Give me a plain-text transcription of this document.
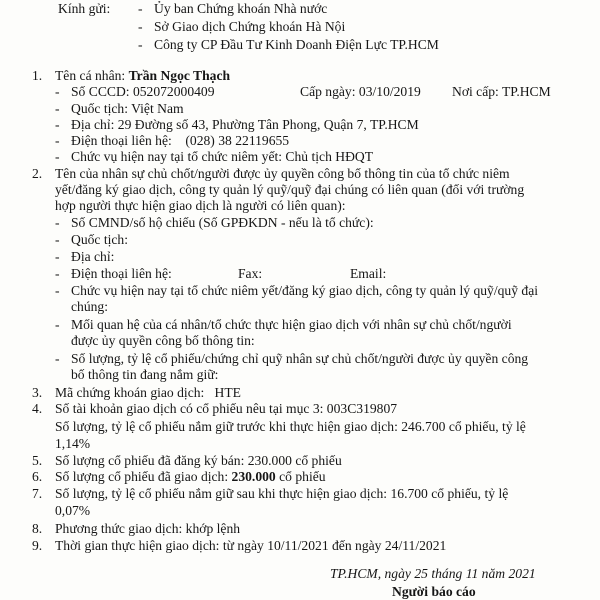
Kính gửi: - Ủy ban Chứng khoán Nhà nước
- Sở Giao dịch Chứng khoán Hà Nội
- Công ty CP Đầu Tư Kinh Doanh Điện Lực TP.HCM
1. Tên cá nhân: Trần Ngọc Thạch
- Số CCCD: 052072000409	Cấp ngày: 03/10/2019 Nơi cấp: TP.HCM
- Quốc tịch: Việt Nam
- Địa chỉ: 29 Đường số 43, Phường Tân Phong, Quận 7, TP.HCM
- Điện thoại liên hệ:    (028) 38 22119655
- Chức vụ hiện nay tại tổ chức niêm yết: Chủ tịch HĐQT
2. Tên của nhân sự chủ chốt/người được ủy quyền công bố thông tin của tổ chức niêm
yết/đăng ký giao dịch, công ty quản lý quỹ/quỹ đại chúng có liên quan (đối với trường
hợp người thực hiện giao dịch là người có liên quan):
- Số CMND/số hộ chiếu (Số GPĐKDN - nếu là tổ chức):
- Quốc tịch:
- Địa chỉ:
- Điện thoại liên hệ:	Fax:	Email:
- Chức vụ hiện nay tại tổ chức niêm yết/đăng ký giao dịch, công ty quản lý quỹ/quỹ đại
chúng:
- Mối quan hệ của cá nhân/tổ chức thực hiện giao dịch với nhân sự chủ chốt/người
được ủy quyền công bố thông tin:
- Số lượng, tỷ lệ cổ phiếu/chứng chỉ quỹ nhân sự chủ chốt/người được ủy quyền công
bố thông tin đang nắm giữ:
3. Mã chứng khoán giao dịch:   HTE
4. Số tài khoản giao dịch có cổ phiếu nêu tại mục 3: 003C319807
Số lượng, tỷ lệ cổ phiếu nắm giữ trước khi thực hiện giao dịch: 246.700 cổ phiếu, tỷ lệ
1,14%
5. Số lượng cổ phiếu đã đăng ký bán: 230.000 cổ phiếu
6. Số lượng cổ phiếu đã giao dịch: 230.000 cổ phiếu
7. Số lượng, tỷ lệ cổ phiếu nắm giữ sau khi thực hiện giao dịch: 16.700 cổ phiếu, tỷ lệ
0,07%
8. Phương thức giao dịch: khớp lệnh
9. Thời gian thực hiện giao dịch: từ ngày 10/11/2021 đến ngày 24/11/2021
TP.HCM, ngày 25 tháng 11 năm 2021
Người báo cáo
